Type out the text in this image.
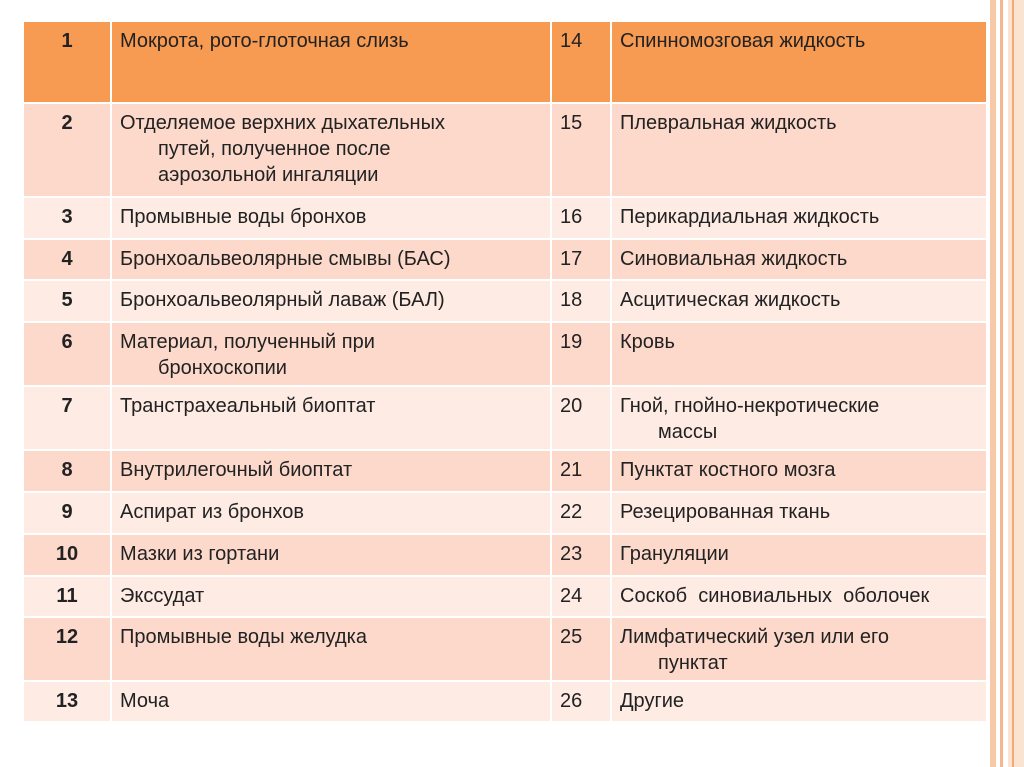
1	Мокрота, рото-глоточная слизь	14	Спинномозговая жидкость
2	Отделяемое верхних дыхательных
путей, полученное после
аэрозольной ингаляции	15	Плевральная жидкость
3	Промывные воды бронхов	16	Перикардиальная жидкость
4	Бронхоальвеолярные смывы (БАС)	17	Синовиальная жидкость
5	Бронхоальвеолярный лаваж (БАЛ)	18	Асцитическая жидкость
6	Материал, полученный при
бронхоскопии	19	Кровь
7	Транстрахеальный биоптат	20	Гной, гнойно-некротические
массы

8	Внутрилегочный биоптат	21	Пунктат костного мозга
9	Аспират из бронхов	22	Резецированная ткань
10	Мазки из гортани	23	Грануляции
11	Экссудат	24	Соскоб  синовиальных  оболочек
12	Промывные воды желудка	25	Лимфатический узел или его
пунктат

13	Моча	26	Другие
